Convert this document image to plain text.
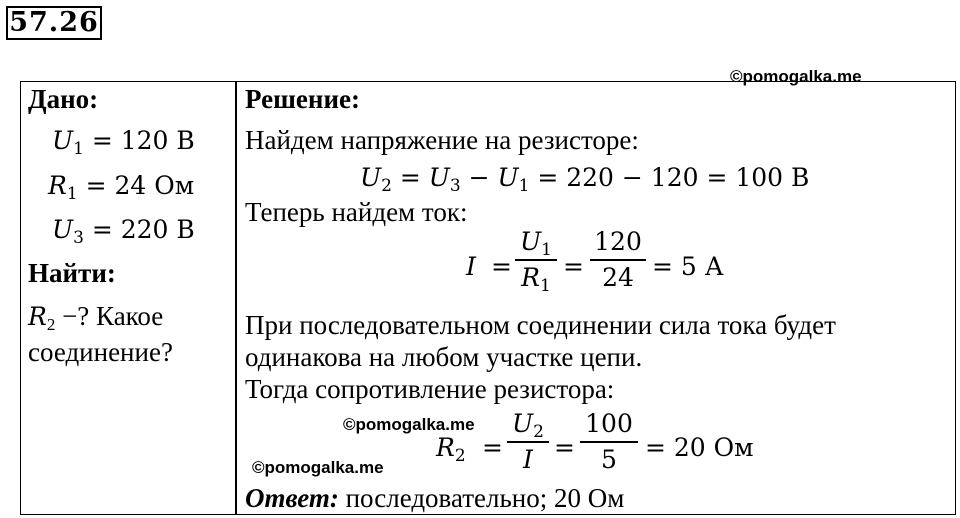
57.26
©pomogalka.me
Дано:
$U_1 = 120$ В
$R_1 = 24$ Ом
$U_3 = 220$ В
Найти:
$R_2$ −? Какое
соединение?
Решение:
Найдем напряжение на резисторе:
$U_2 = U_3 - U_1 = 220 - 120 = 100$ В
Теперь найдем ток:
I =
$U_1$
$R_1$
=
120
24 = 5 А
При последовательном соединении сила тока будет
одинакова на любом участке цепи.
Тогда сопротивление резистора:
©pomogalka.me
$R_2$ =
$U_2$
I =
100
5	= 20 Ом
©pomogalka.me
Ответ: последовательно; 20 Ом
